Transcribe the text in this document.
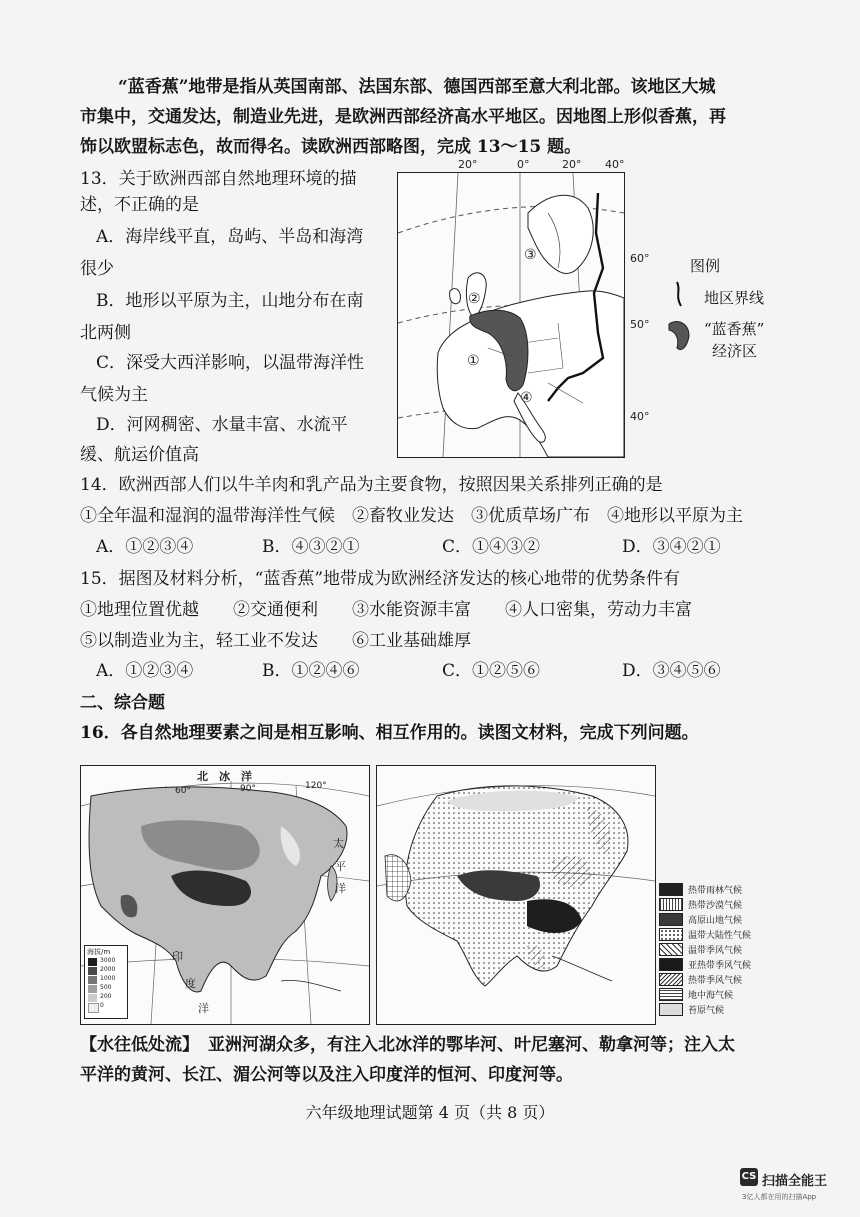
“蓝香蕉”地带是指从英国南部、法国东部、德国西部至意大利北部。该地区大城
市集中，交通发达，制造业先进，是欧洲西部经济高水平地区。因地图上形似香蕉，再
饰以欧盟标志色，故而得名。读欧洲西部略图，完成 13～15 题。
13．关于欧洲西部自然地理环境的描
述，不正确的是
A．海岸线平直，岛屿、半岛和海湾
很少
B．地形以平原为主，山地分布在南
北两侧
C．深受大西洋影响，以温带海洋性
气候为主
D．河网稠密、水量丰富、水流平
缓、航运价值高
20°	0°	20° 40°
①
②
③
④
60°
50°
40°
图例
地区界线
“蓝香蕉”
经济区
14．欧洲西部人们以牛羊肉和乳产品为主要食物，按照因果关系排列正确的是
①全年温和湿润的温带海洋性气候　②畜牧业发达　③优质草场广布　④地形以平原为主
A．①②③④	B．④③②①	C．①④③②	D．③④②①
15．据图及材料分析，“蓝香蕉”地带成为欧洲经济发达的核心地带的优势条件有
①地理位置优越　　②交通便利　　③水能资源丰富　　④人口密集，劳动力丰富
⑤以制造业为主，轻工业不发达　　⑥工业基础雄厚
A．①②③④	B．①②④⑥	C．①②⑤⑥	D．③④⑤⑥
二、综合题
16．各自然地理要素之间是相互影响、相互作用的。读图文材料，完成下列问题。
北　冰　洋
60°	90°	120°
太
平
洋
印
度
洋
海拔/m
3000
2000
1000
500
200
0
热带雨林气候
热带沙漠气候
高原山地气候
温带大陆性气候
温带季风气候
亚热带季风气候
热带季风气候
地中海气候
苔原气候
【水往低处流】 亚洲河湖众多，有注入北冰洋的鄂毕河、叶尼塞河、勒拿河等；注入太
平洋的黄河、长江、湄公河等以及注入印度洋的恒河、印度河等。
六年级地理试题第 4 页（共 8 页）
CS 扫描全能王
3亿人都在用的扫描App
